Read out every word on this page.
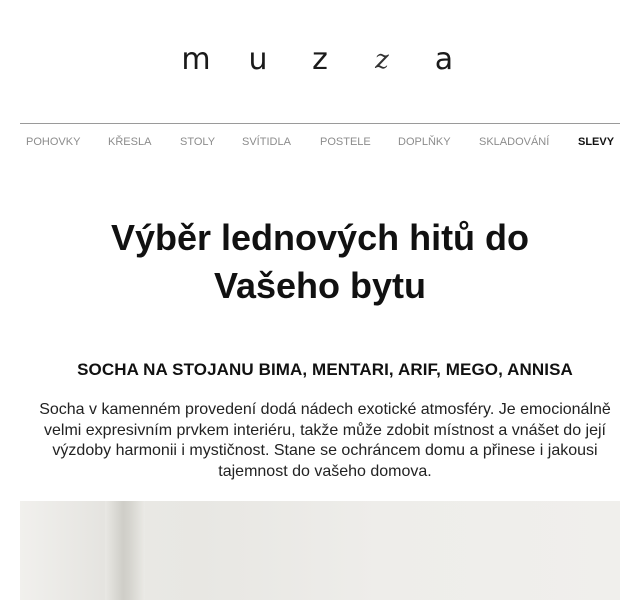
m	u	z	z	a
POHOVKY	KŘESLA	STOLY SVÍTIDLA	POSTELE DOPLŇKY	SKLADOVÁNÍ	SLEVY
Výběr lednových hitů do
Vašeho bytu
SOCHA NA STOJANU BIMA, MENTARI, ARIF, MEGO, ANNISA

Socha v kamenném provedení dodá nádech exotické atmosféry. Je emocionálně velmi expresivním prvkem interiéru, takže může zdobit místnost a vnášet do její výzdoby harmonii i mystičnost. Stane se ochráncem domu a přinese i jakousi tajemnost do vašeho domova.
